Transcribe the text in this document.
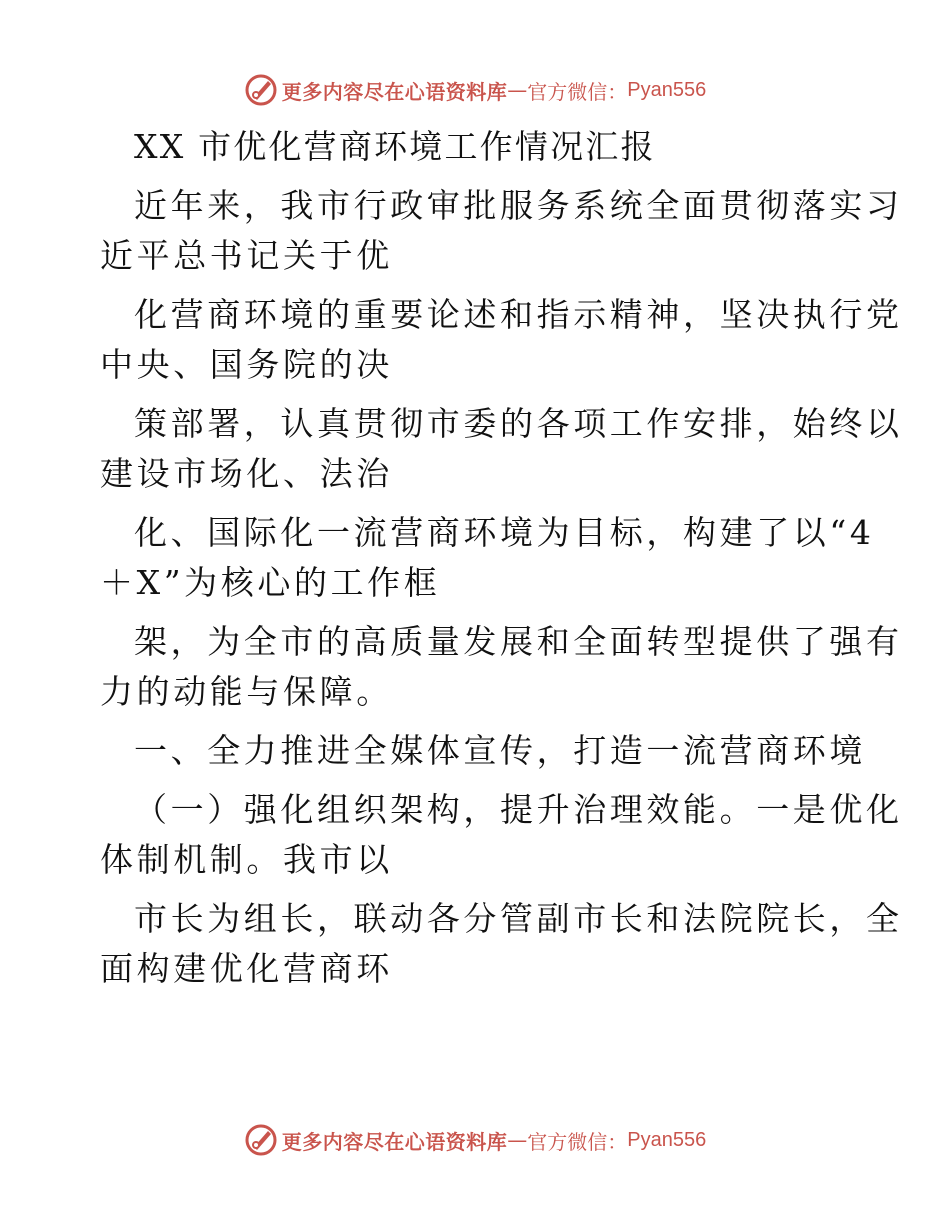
更多内容尽在心语资料库 — 官方微信： Pyan556

XX 市优化营商环境工作情况汇报

近年来，我市行政审批服务系统全面贯彻落实习

近平总书记关于优

化营商环境的重要论述和指示精神，坚决执行党

中央、国务院的决

策部署，认真贯彻市委的各项工作安排，始终以

建设市场化、法治

化、国际化一流营商环境为目标，构建了以“4

＋X”为核心的工作框

架，为全市的高质量发展和全面转型提供了强有

力的动能与保障。

一、全力推进全媒体宣传，打造一流营商环境

（一）强化组织架构，提升治理效能。一是优化

体制机制。我市以

市长为组长，联动各分管副市长和法院院长，全

面构建优化营商环

更多内容尽在心语资料库 — 官方微信： Pyan556
